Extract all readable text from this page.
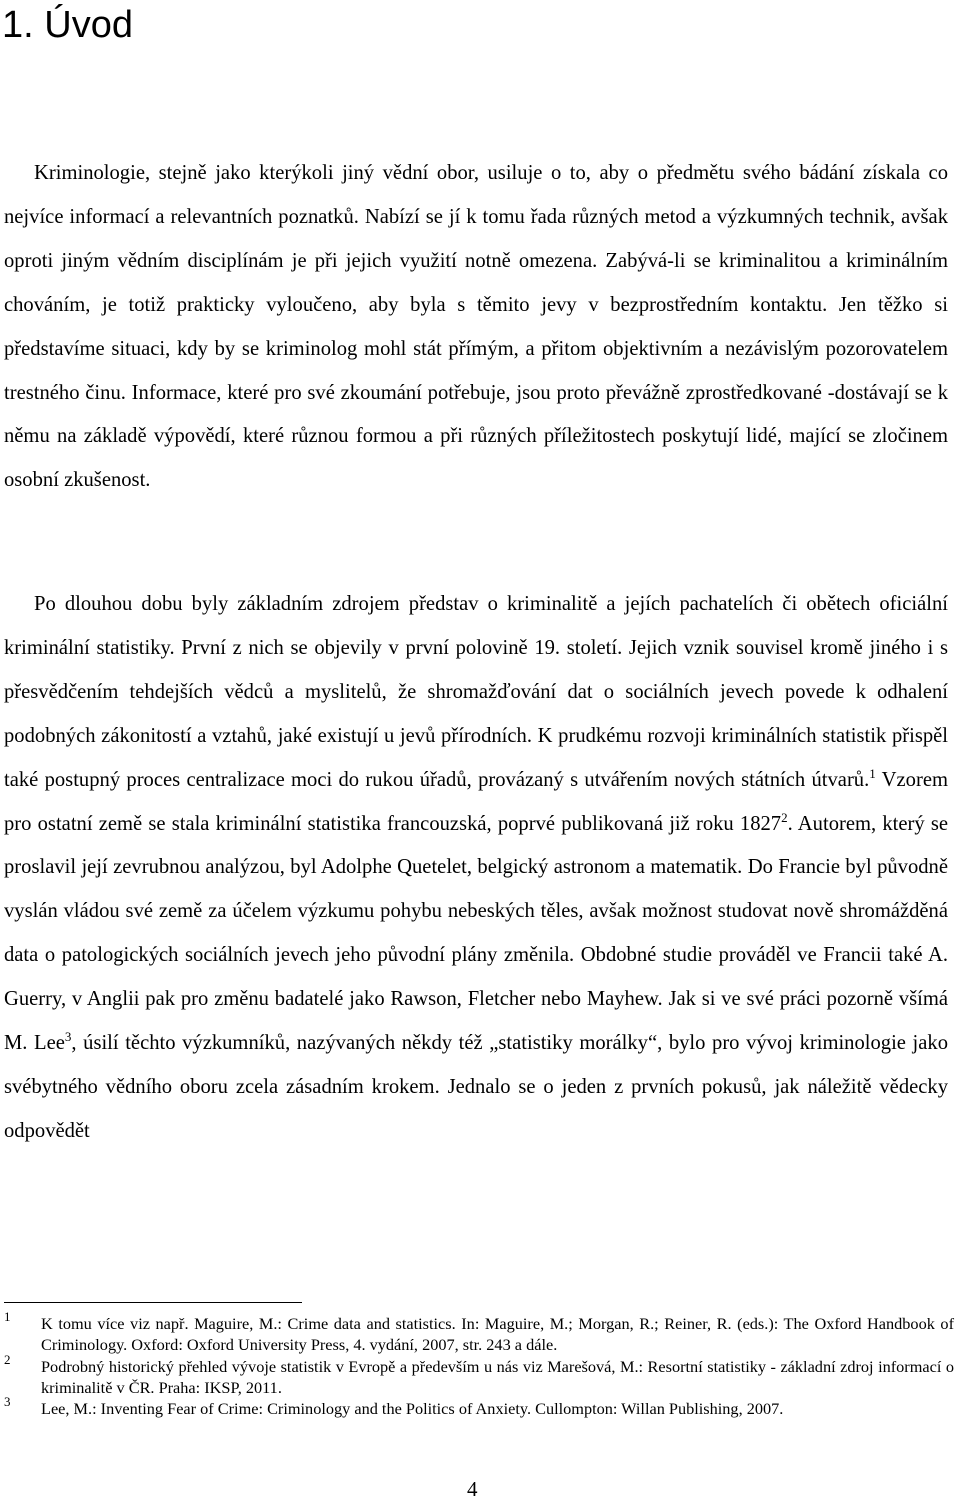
1. Úvod

Kriminologie, stejně jako kterýkoli jiný vědní obor, usiluje o to, aby o předmětu svého bádání získala co nejvíce informací a relevantních poznatků. Nabízí se jí k tomu řada různých metod a výzkumných technik, avšak oproti jiným vědním disciplínám je při jejich využití notně omezena. Zabývá-li se kriminalitou a kriminálním chováním, je totiž prakticky vyloučeno, aby byla s těmito jevy v bezprostředním kontaktu. Jen těžko si představíme situaci, kdy by se kriminolog mohl stát přímým, a přitom objektivním a nezávislým pozorovatelem trestného činu. Informace, které pro své zkoumání potřebuje, jsou proto převážně zprostředkované -dostávají se k němu na základě výpovědí, které různou formou a při různých příležitostech poskytují lidé, mající se zločinem osobní zkušenost.

Po dlouhou dobu byly základním zdrojem představ o kriminalitě a jejích pachatelích či obětech oficiální kriminální statistiky. První z nich se objevily v první polovině 19. století. Jejich vznik souvisel kromě jiného i s přesvědčením tehdejších vědců a myslitelů, že shromažďování dat o sociálních jevech povede k odhalení podobných zákonitostí a vztahů, jaké existují u jevů přírodních. K prudkému rozvoji kriminálních statistik přispěl také postupný proces centralizace moci do rukou úřadů, provázaný s utvářením nových státních útvarů.$^1$ Vzorem pro ostatní země se stala kriminální statistika francouzská, poprvé publikovaná již roku 1827$^2$. Autorem, který se proslavil její zevrubnou analýzou, byl Adolphe Quetelet, belgický astronom a matematik. Do Francie byl původně vyslán vládou své země za účelem výzkumu pohybu nebeských těles, avšak možnost studovat nově shromážděná data o patologických sociálních jevech jeho původní plány změnila. Obdobné studie prováděl ve Francii také A. Guerry, v Anglii pak pro změnu badatelé jako Rawson, Fletcher nebo Mayhew. Jak si ve své práci pozorně všímá M. Lee$^3$, úsilí těchto výzkumníků, nazývaných někdy též „statistiky morálky“, bylo pro vývoj kriminologie jako svébytného vědního oboru zcela zásadním krokem. Jednalo se o jeden z prvních pokusů, jak náležitě vědecky odpovědět

1 K tomu více viz např. Maguire, M.: Crime data and statistics. In: Maguire, M.; Morgan, R.; Reiner, R. (eds.): The Oxford Handbook of Criminology. Oxford: Oxford University Press, 4. vydání, 2007, str. 243 a dále.
2 Podrobný historický přehled vývoje statistik v Evropě a především u nás viz Marešová, M.: Resortní statistiky - základní zdroj informací o kriminalitě v ČR. Praha: IKSP, 2011.
3 Lee, M.: Inventing Fear of Crime: Criminology and the Politics of Anxiety. Cullompton: Willan Publishing, 2007.

4
